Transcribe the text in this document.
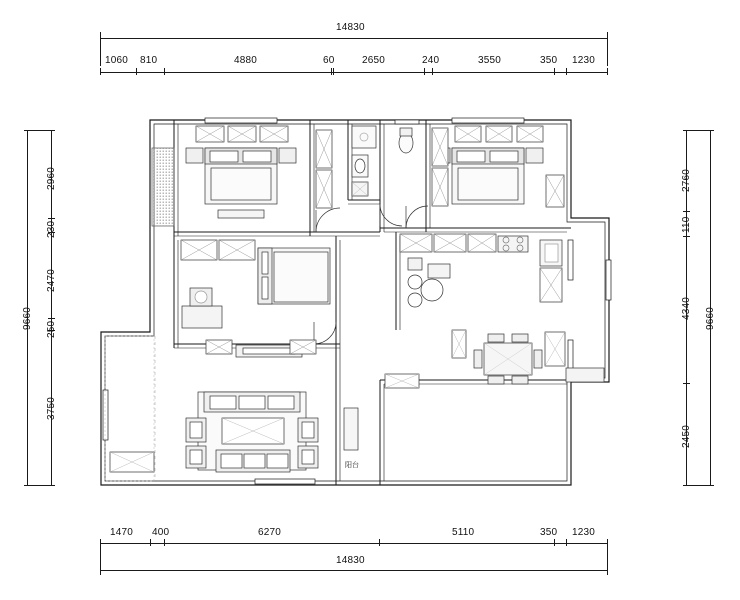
14830
1060 810	4880	60	2650	240	3550	350 1230
9660
2960
230
2470
250
3750
2760
110
4340
2450
9660
1470 400	6270	5110	350 1230
14830
阳台
